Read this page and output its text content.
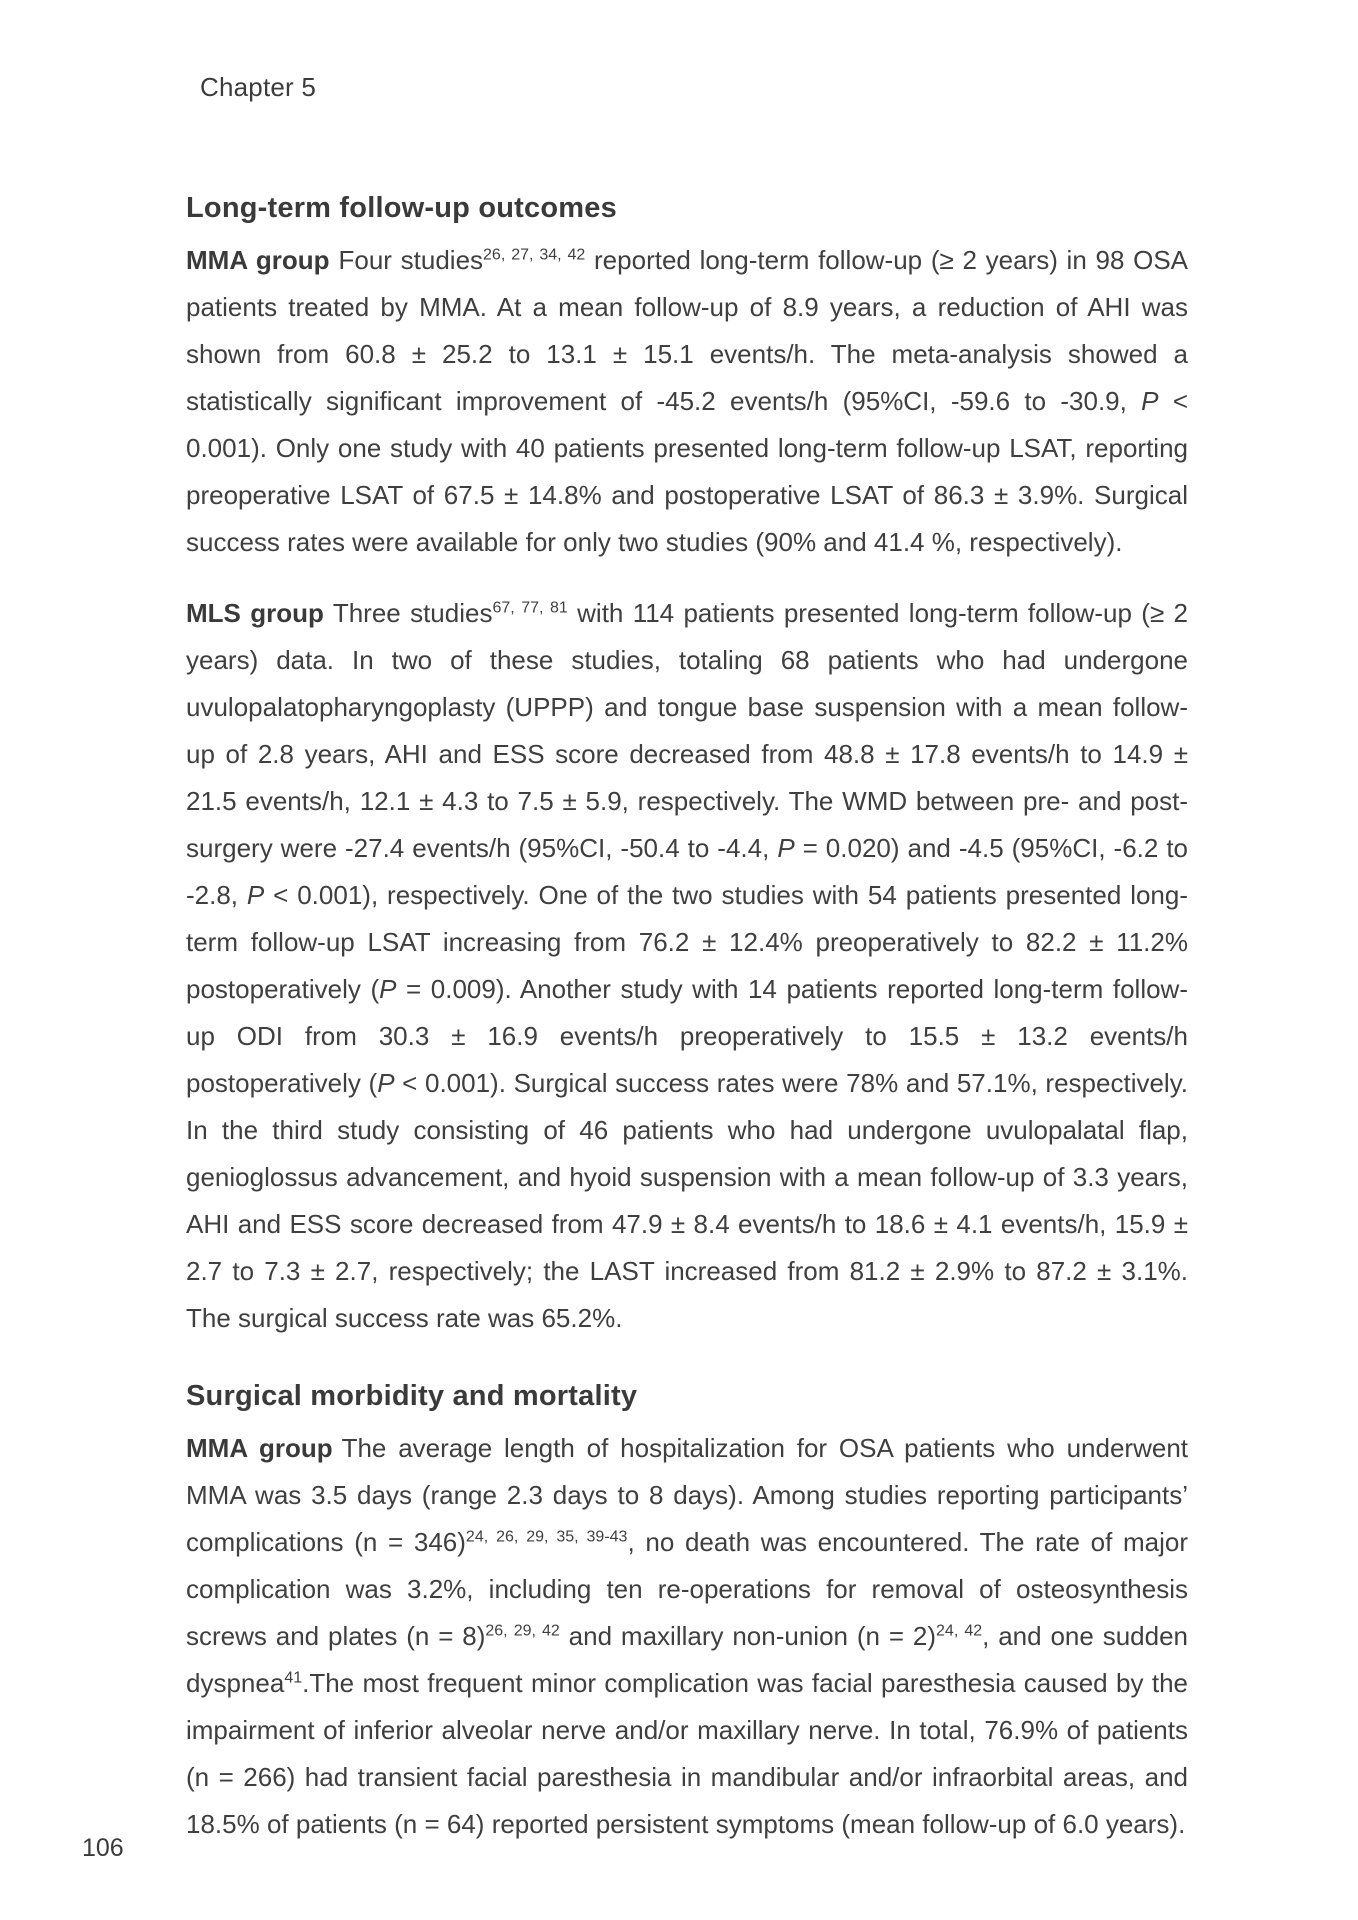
Chapter 5
Long-term follow-up outcomes

MMA group Four studies$^{26, 27, 34, 42}$ reported long-term follow-up (≥ 2 years) in 98 OSA patients treated by MMA. At a mean follow-up of 8.9 years, a reduction of AHI was shown from 60.8 ± 25.2 to 13.1 ± 15.1 events/h. The meta-analysis showed a statistically significant improvement of -45.2 events/h (95%CI, -59.6 to -30.9, P < 0.001). Only one study with 40 patients presented long-term follow-up LSAT, reporting preoperative LSAT of 67.5 ± 14.8% and postoperative LSAT of 86.3 ± 3.9%. Surgical success rates were available for only two studies (90% and 41.4 %, respectively).

MLS group Three studies$^{67, 77, 81}$ with 114 patients presented long-term follow-up (≥ 2 years) data. In two of these studies, totaling 68 patients who had undergone uvulopalatopharyngoplasty (UPPP) and tongue base suspension with a mean follow-up of 2.8 years, AHI and ESS score decreased from 48.8 ± 17.8 events/h to 14.9 ± 21.5 events/h, 12.1 ± 4.3 to 7.5 ± 5.9, respectively. The WMD between pre- and post-surgery were -27.4 events/h (95%CI, -50.4 to -4.4, P = 0.020) and -4.5 (95%CI, -6.2 to -2.8, P < 0.001), respectively. One of the two studies with 54 patients presented long-term follow-up LSAT increasing from 76.2 ± 12.4% preoperatively to 82.2 ± 11.2% postoperatively (P = 0.009). Another study with 14 patients reported long-term follow-up ODI from 30.3 ± 16.9 events/h preoperatively to 15.5 ± 13.2 events/h postoperatively (P < 0.001). Surgical success rates were 78% and 57.1%, respectively. In the third study consisting of 46 patients who had undergone uvulopalatal flap, genioglossus advancement, and hyoid suspension with a mean follow-up of 3.3 years, AHI and ESS score decreased from 47.9 ± 8.4 events/h to 18.6 ± 4.1 events/h, 15.9 ± 2.7 to 7.3 ± 2.7, respectively; the LAST increased from 81.2 ± 2.9% to 87.2 ± 3.1%. The surgical success rate was 65.2%.

Surgical morbidity and mortality

MMA group The average length of hospitalization for OSA patients who underwent MMA was 3.5 days (range 2.3 days to 8 days). Among studies reporting participants’ complications (n = 346)$^{24, 26, 29, 35, 39-43}$, no death was encountered. The rate of major complication was 3.2%, including ten re-operations for removal of osteosynthesis screws and plates (n = 8)$^{26, 29, 42}$ and maxillary non-union (n = 2)$^{24, 42}$, and one sudden dyspnea$^{41}$.The most frequent minor complication was facial paresthesia caused by the impairment of inferior alveolar nerve and/or maxillary nerve. In total, 76.9% of patients (n = 266) had transient facial paresthesia in mandibular and/or infraorbital areas, and 18.5% of patients (n = 64) reported persistent symptoms (mean follow-up of 6.0 years).

106
